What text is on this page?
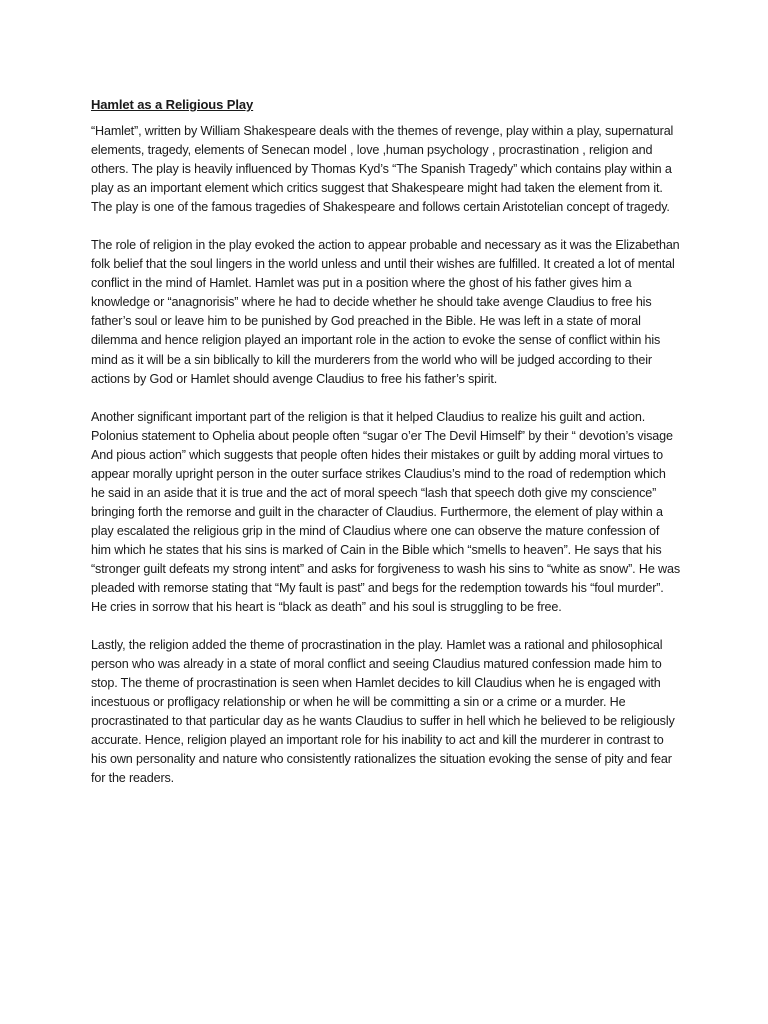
Hamlet as a Religious Play

“Hamlet”, written by William Shakespeare deals with the themes of revenge, play within a play, supernatural elements, tragedy, elements of Senecan model , love ,human psychology , procrastination , religion and others. The play is heavily influenced by Thomas Kyd’s “The Spanish Tragedy” which contains play within a play as an important element which critics suggest that Shakespeare might had taken the element from it. The play is one of the famous tragedies of Shakespeare and follows certain Aristotelian concept of tragedy.

The role of religion in the play evoked the action to appear probable and necessary as it was the Elizabethan folk belief that the soul lingers in the world unless and until their wishes are fulfilled. It created a lot of mental conflict in the mind of Hamlet. Hamlet was put in a position where the ghost of his father gives him a knowledge or “anagnorisis” where he had to decide whether he should take avenge Claudius to free his father’s soul or leave him to be punished by God preached in the Bible. He was left in a state of moral dilemma and hence religion played an important role in the action to evoke the sense of conflict within his mind as it will be a sin biblically to kill the murderers from the world who will be judged according to their actions by God or Hamlet should avenge Claudius to free his father’s spirit.

Another significant important part of the religion is that it helped Claudius to realize his guilt and action. Polonius statement to Ophelia about people often “sugar o’er The Devil Himself” by their “ devotion’s visage And pious action” which suggests that people often hides their mistakes or guilt by adding moral virtues to appear morally upright person in the outer surface strikes Claudius’s mind to the road of redemption which he said in an aside that it is true and the act of moral speech “lash that speech doth give my conscience” bringing forth the remorse and guilt in the character of Claudius. Furthermore, the element of play within a play escalated the religious grip in the mind of Claudius where one can observe the mature confession of him which he states that his sins is marked of Cain in the Bible which “smells to heaven”. He says that his “stronger guilt defeats my strong intent” and asks for forgiveness to wash his sins to “white as snow”. He was pleaded with remorse stating that “My fault is past” and begs for the redemption towards his “foul murder”. He cries in sorrow that his heart is “black as death” and his soul is struggling to be free.

Lastly, the religion added the theme of procrastination in the play. Hamlet was a rational and philosophical person who was already in a state of moral conflict and seeing Claudius matured confession made him to stop. The theme of procrastination is seen when Hamlet decides to kill Claudius when he is engaged with incestuous or profligacy relationship or when he will be committing a sin or a crime or a murder. He procrastinated to that particular day as he wants Claudius to suffer in hell which he believed to be religiously accurate. Hence, religion played an important role for his inability to act and kill the murderer in contrast to his own personality and nature who consistently rationalizes the situation evoking the sense of pity and fear for the readers.
